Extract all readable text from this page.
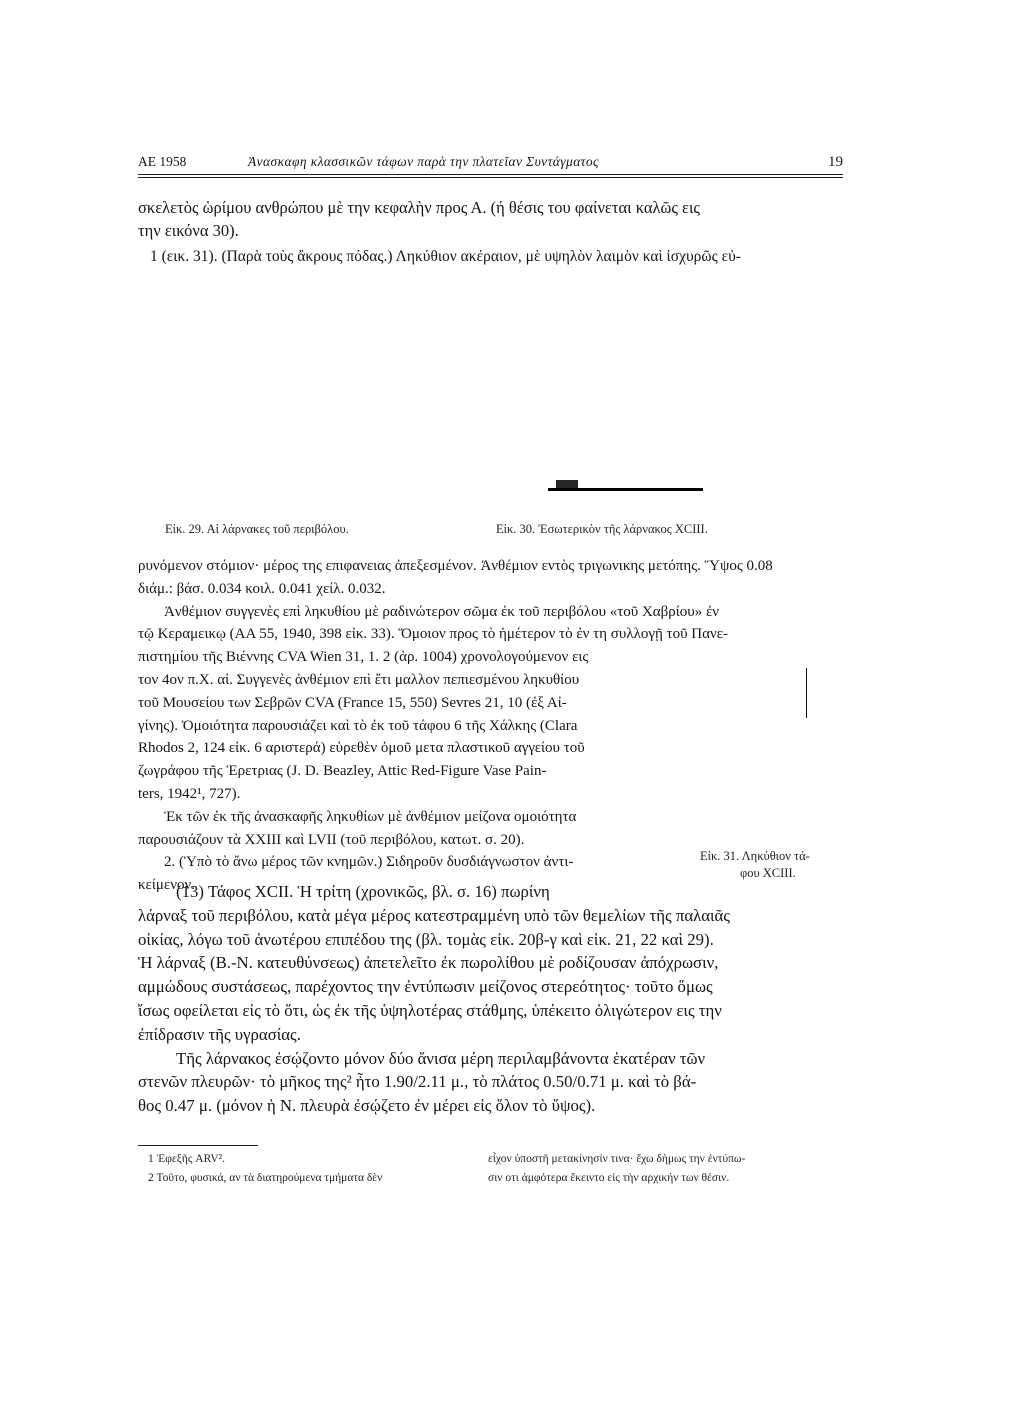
ΑΕ 1958	Ἀνασκαφη κλασσικῶν τάφων παρὰ την πλατεῖαν Συντάγματος	19
σκελετὸς ὡρίμου ανθρώπου μὲ την κεφαλὴν προς Α. (ή θέσις του φαίνεται καλῶς εις
την εικόνα 30).
1 (εικ. 31). (Παρὰ τοὺς ἄκρους πόδας.) Ληκύθιον ακέραιον, μὲ υψηλὸν λαιμὸν καὶ ἰσχυρῶς εὐ-
Εἰκ. 29. Αἱ λάρνακες τοῦ περιβόλου.	Εἰκ. 30. Ἐσωτερικὸν τῆς λάρνακος XCIII.
ρυνόμενον στόμιον· μέρος της επιφανειας ἀπεξεσμένον. Ἀνθέμιον εντὸς τριγωνικης μετόπης. Ὕψος 0.08
διάμ.: βάσ. 0.034 κοιλ. 0.041 χείλ. 0.032.
Ἀνθέμιον συγγενὲς επὶ ληκυθίου μὲ ραδινώτερον σῶμα ἐκ τοῦ περιβόλου «τοῦ Χαβρίου» ἐν
τῷ Κεραμεικῳ (ΑΑ 55, 1940, 398 εἰκ. 33). Ὅμοιον προς τὸ ἡμέτερον τὸ ἐν τη συλλογῇ τοῦ Πανε-
πιστημίου τῆς Βιέννης CVA Wien 31, 1. 2 (ἀρ. 1004) χρονολογούμενον εις
τον 4ον π.Χ. αἰ. Συγγενὲς ἀνθέμιον επὶ ἔτι μαλλον πεπιεσμένου ληκυθίου
τοῦ Μουσείου των Σεβρῶν CVA (France 15, 550) Sevres 21, 10 (ἐξ Αἰ-
γίνης). Ὁμοιότητα παρουσιάζει καὶ τὸ ἐκ τοῦ τάφου 6 τῆς Χάλκης (Clara
Rhodos 2, 124 εἰκ. 6 αριστερά) εὑρεθὲν ὁμοῦ μετα πλαστικοῦ αγγείου τοῦ
ζωγράφου τῆς Ἐρετριας (J. D. Beazley, Attic Red-Figure Vase Pain-
ters, 1942¹, 727).
Ἐκ τῶν ἐκ τῆς ἀνασκαφῆς ληκυθίων μὲ ἀνθέμιον μείζονα ομοιότητα
παρουσιάζουν τὰ XXIII καὶ LVII (τοῦ περιβόλου, κατωτ. σ. 20).
2. (Ὑπὸ τὸ ἄνω μέρος τῶν κνημῶν.) Σιδηροῦν δυσδιάγνωστον ἀντι-
κείμενον.
Εἰκ. 31. Ληκύθιον τά-
φου XCIII.
(13) Τάφος XCII. Ἡ τρίτη (χρονικῶς, βλ. σ. 16) πωρίνη
λάρναξ τοῦ περιβόλου, κατὰ μέγα μέρος κατεστραμμένη υπὸ τῶν θεμελίων τῆς παλαιᾶς
οἰκίας, λόγω τοῦ ἀνωτέρου επιπέδου της (βλ. τομὰς εἰκ. 20β-γ καὶ εἰκ. 21, 22 καὶ 29).
Ἡ λάρναξ (Β.-Ν. κατευθύνσεως) ἀπετελεῖτο ἐκ πωρολίθου μὲ ροδίζουσαν ἀπόχρωσιν,
αμμώδους συστάσεως, παρέχοντος την ἐντύπωσιν μείζονος στερεότητος· τοῦτο ὅμως
ἴσως οφείλεται εἰς τὸ ὅτι, ὡς ἐκ τῆς ὑψηλοτέρας στάθμης, ὑπέκειτο ὀλιγώτερον εις την
ἐπίδρασιν τῆς υγρασίας.
Τῆς λάρνακος ἐσῴζοντο μόνον δύο ἄνισα μέρη περιλαμβάνοντα ἑκατέραν τῶν
στενῶν πλευρῶν· τὸ μῆκος της² ἦτο 1.90/2.11 μ., τὸ πλάτος 0.50/0.71 μ. καὶ τὸ βά-
θος 0.47 μ. (μόνον ἡ Ν. πλευρὰ ἐσῴζετο ἐν μέρει εἰς ὅλον τὸ ὕψος).
1 Ἐφεξῆς ARV².
2 Τοῦτο, φυσικά, αν τὰ διατηρούμενα τμήματα δὲν
εἶχον ὑποστῆ μετακίνησίν τινα· ἔχω δὴμως την ἐντύπω-
σιν οτι ἀμφότερα ἔκειντο εἰς τὴν αρχικήν των θέσιν.
